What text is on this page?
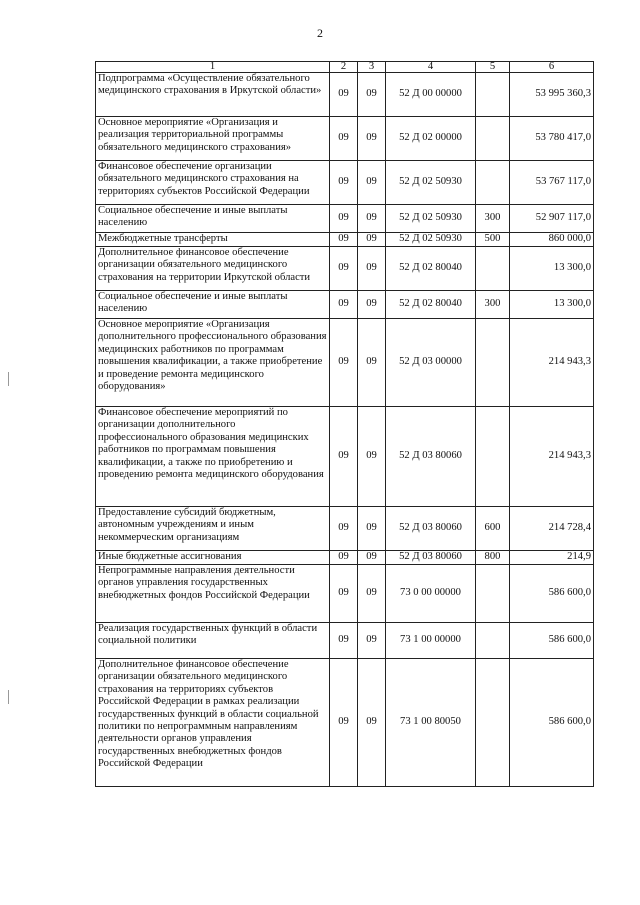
2
1	2	3	4	5	6
Подпрограмма «Осуществление обязательного медицинского страхования в Иркутской области»	09	09	52 Д 00 00000		53 995 360,3
Основное мероприятие «Организация и реализация территориальной программы обязательного медицинского страхования»	09	09	52 Д 02 00000		53 780 417,0
Финансовое обеспечение организации обязательного медицинского страхования на территориях субъектов Российской Федерации	09	09	52 Д 02 50930		53 767 117,0
Социальное обеспечение и иные выплаты населению	09	09	52 Д 02 50930	300	52 907 117,0
Межбюджетные трансферты	09	09	52 Д 02 50930	500	860 000,0
Дополнительное финансовое обеспечение организации обязательного медицинского страхования на территории Иркутской области	09	09	52 Д 02 80040		13 300,0
Социальное обеспечение и иные выплаты населению	09	09	52 Д 02 80040	300	13 300,0
Основное мероприятие «Организация дополнительного профессионального образования медицинских работников по программам повышения квалификации, а также приобретение и проведение ремонта медицинского оборудования»	09	09	52 Д 03 00000		214 943,3
Финансовое обеспечение мероприятий по организации дополнительного профессионального образования медицинских работников по программам повышения квалификации, а также по приобретению и проведению ремонта медицинского оборудования	09	09	52 Д 03 80060		214 943,3
Предоставление субсидий бюджетным, автономным учреждениям и иным некоммерческим организациям	09	09	52 Д 03 80060	600	214 728,4
Иные бюджетные ассигнования	09	09	52 Д 03 80060	800	214,9
Непрограммные направления деятельности органов управления государственных внебюджетных фондов Российской Федерации	09	09	73 0 00 00000		586 600,0
Реализация государственных функций в области социальной политики	09	09	73 1 00 00000		586 600,0
Дополнительное финансовое обеспечение организации обязательного медицинского страхования на территориях субъектов Российской Федерации в рамках реализации государственных функций в области социальной политики по непрограммным направлениям деятельности органов управления государственных внебюджетных фондов Российской Федерации	09	09	73 1 00 80050		586 600,0
